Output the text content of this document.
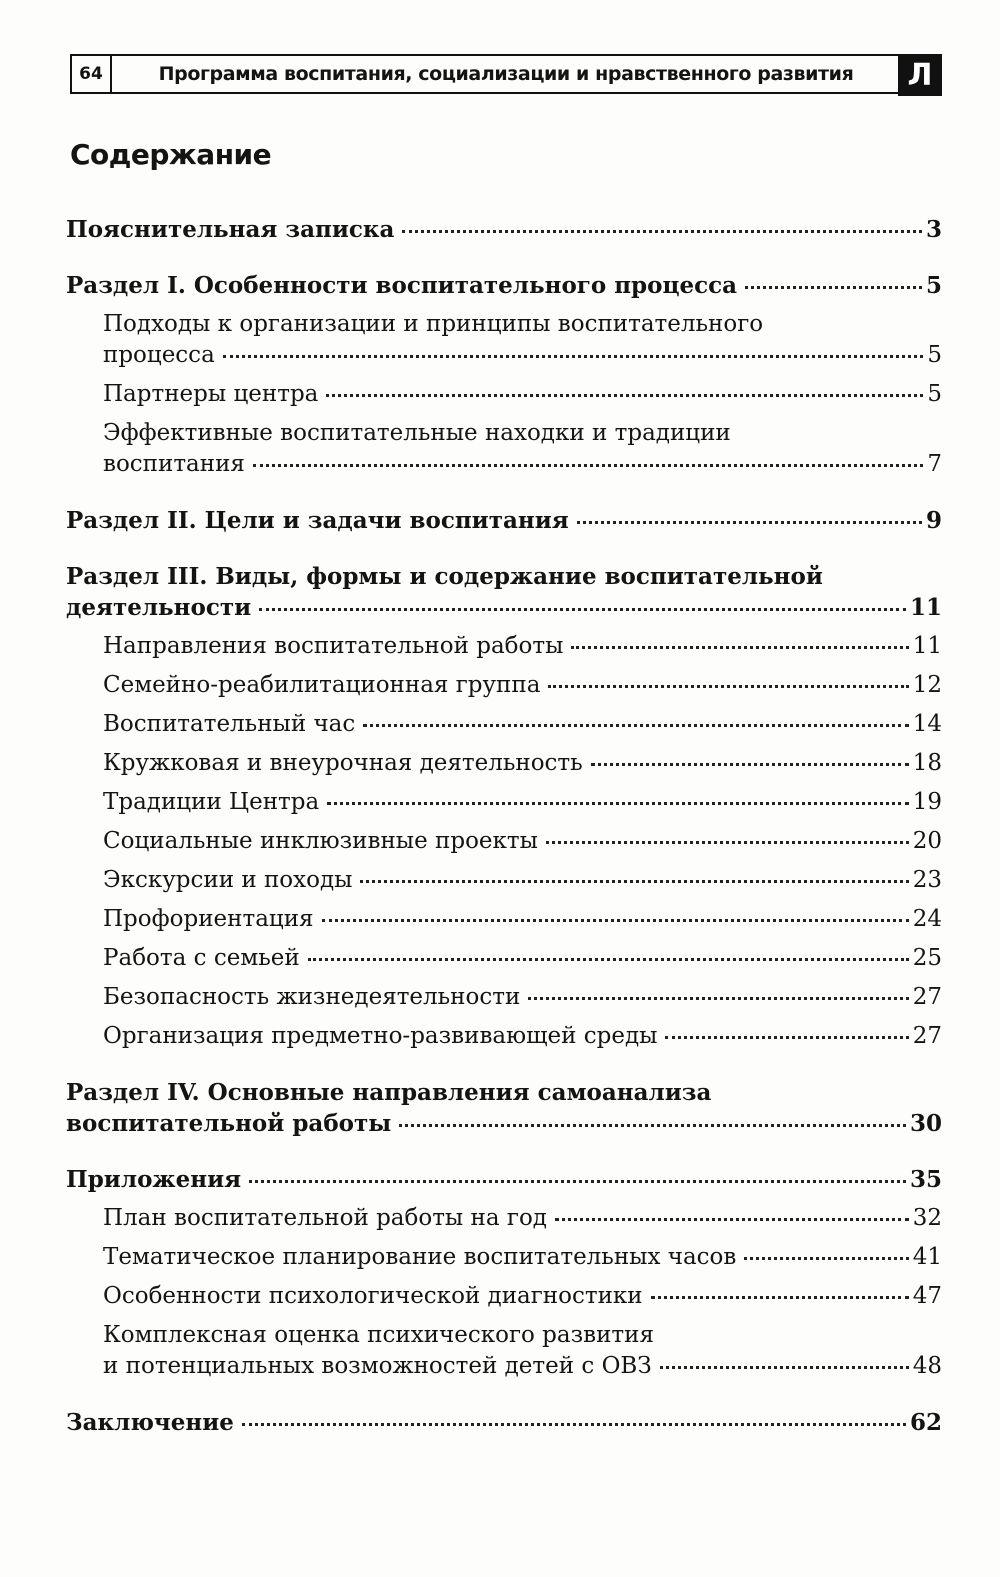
64	Программа воспитания, социализации и нравственного развития	Л
Содержание
Пояснительная записка	3
Раздел I. Особенности воспитательного процесса	5
Подходы к организации и принципы воспитательного
процесса	5
Партнеры центра	5
Эффективные воспитательные находки и традиции
воспитания	7
Раздел II. Цели и задачи воспитания	9
Раздел III. Виды, формы и содержание воспитательной
деятельности	11
Направления воспитательной работы	11
Семейно-реабилитационная группа	12
Воспитательный час	14
Кружковая и внеурочная деятельность	18
Традиции Центра	19
Социальные инклюзивные проекты	20
Экскурсии и походы	23
Профориентация	24
Работа с семьей	25
Безопасность жизнедеятельности	27
Организация предметно-развивающей среды	27
Раздел IV. Основные направления самоанализа
воспитательной работы	30
Приложения	35
План воспитательной работы на год	32
Тематическое планирование воспитательных часов	41
Особенности психологической диагностики	47
Комплексная оценка психического развития
и потенциальных возможностей детей с ОВЗ	48
Заключение	62
